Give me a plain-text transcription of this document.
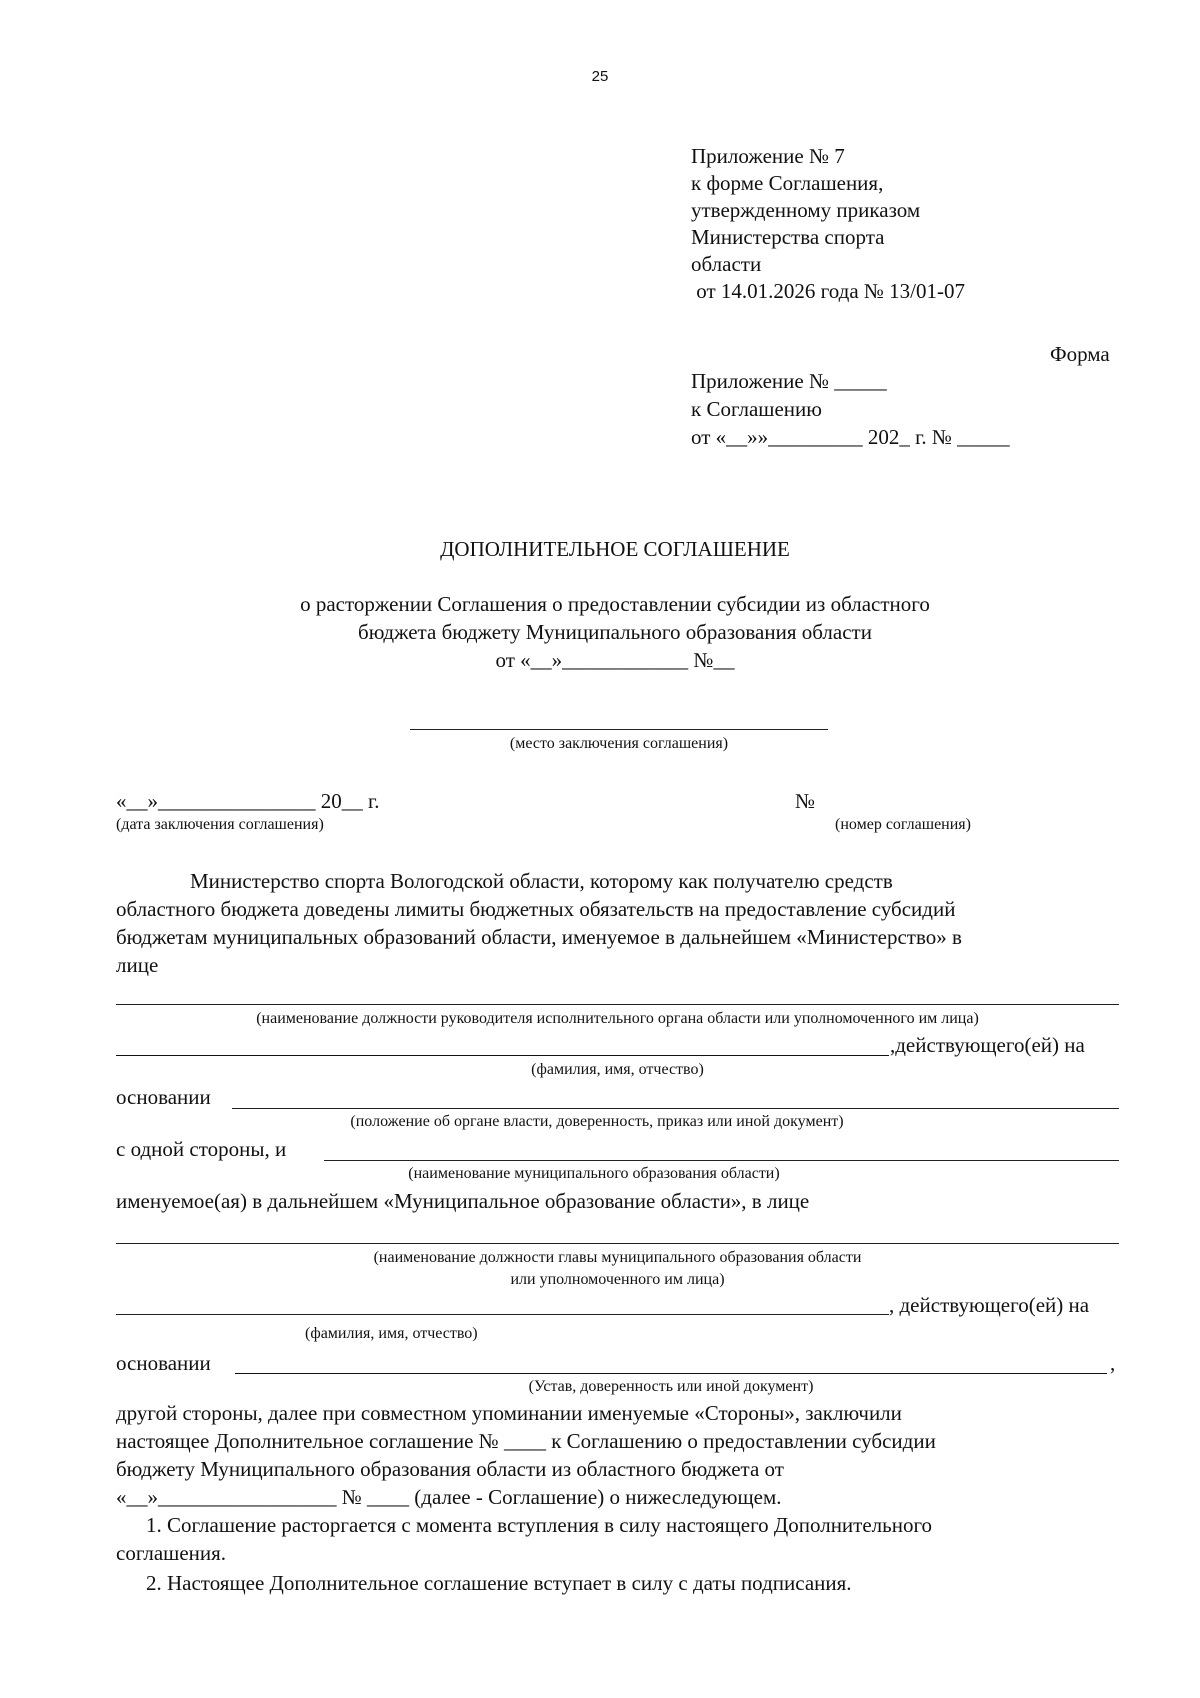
25
Приложение № 7
к форме Соглашения,
утвержденному приказом
Министерства спорта
области
от 14.01.2026 года № 13/01-07
Форма
Приложение № _____
к Соглашению
от «__»»_________ 202_ г. № _____
ДОПОЛНИТЕЛЬНОЕ СОГЛАШЕНИЕ
о расторжении Соглашения о предоставлении субсидии из областного
бюджета бюджету Муниципального образования области
от «__»____________ №__
(место заключения соглашения)
«__»_______________ 20__ г.
(дата заключения соглашения)
№
(номер соглашения)
Министерство спорта Вологодской области, которому как получателю средств
областного бюджета доведены лимиты бюджетных обязательств на предоставление субсидий
бюджетам муниципальных образований области, именуемое в дальнейшем «Министерство» в
лице
(наименование должности руководителя исполнительного органа области или уполномоченного им лица)
,действующего(ей) на
(фамилия, имя, отчество)
основании
(положение об органе власти, доверенность, приказ или иной документ)
с одной стороны, и
(наименование муниципального образования области)
именуемое(ая) в дальнейшем «Муниципальное образование области», в лице
(наименование должности главы муниципального образования области
или уполномоченного им лица)
, действующего(ей) на
(фамилия, имя, отчество)
основании	,
(Устав, доверенность или иной документ)
другой стороны, далее при совместном упоминании именуемые «Стороны», заключили
настоящее Дополнительное соглашение № ____ к Соглашению о предоставлении субсидии
бюджету Муниципального образования области из областного бюджета от
«__»_________________ № ____ (далее - Соглашение) о нижеследующем.
1. Соглашение расторгается с момента вступления в силу настоящего Дополнительного
соглашения.
2. Настоящее Дополнительное соглашение вступает в силу с даты подписания.
